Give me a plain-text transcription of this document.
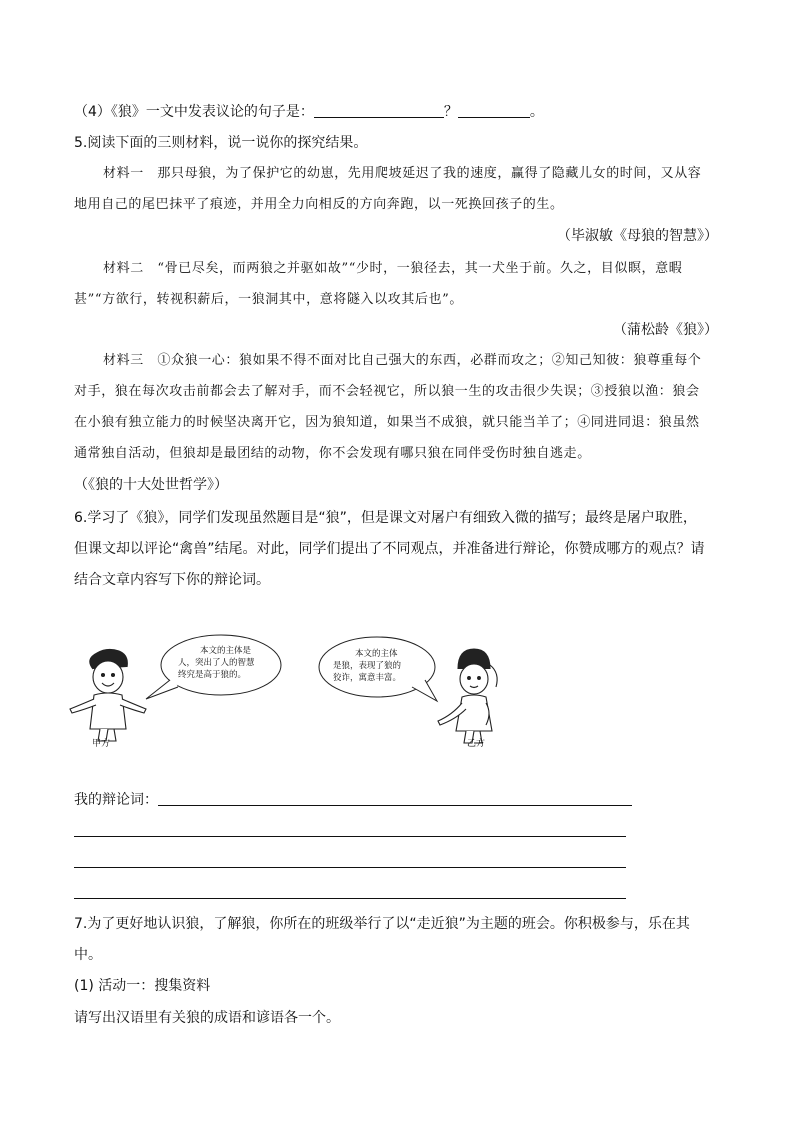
（4）《狼》一文中发表议论的句子是：	？	。
5.阅读下面的三则材料，说一说你的探究结果。
材料一　那只母狼，为了保护它的幼崽，先用爬坡延迟了我的速度，赢得了隐藏儿女的时间，又从容
地用自己的尾巴抹平了痕迹，并用全力向相反的方向奔跑，以一死换回孩子的生。
（毕淑敏《母狼的智慧》）
材料二　“骨已尽矣，而两狼之并驱如故”“少时，一狼径去，其一犬坐于前。久之，目似瞑，意暇
甚”“方欲行，转视积薪后，一狼洞其中，意将隧入以攻其后也”。
（蒲松龄《狼》）
材料三　①众狼一心：狼如果不得不面对比自己强大的东西，必群而攻之；②知己知彼：狼尊重每个
对手，狼在每次攻击前都会去了解对手，而不会轻视它，所以狼一生的攻击很少失误；③授狼以渔：狼会
在小狼有独立能力的时候坚决离开它，因为狼知道，如果当不成狼，就只能当羊了；④同进同退：狼虽然
通常独自活动，但狼却是最团结的动物，你不会发现有哪只狼在同伴受伤时独自逃走。
（《狼的十大处世哲学》）
6.学习了《狼》，同学们发现虽然题目是“狼”，但是课文对屠户有细致入微的描写；最终是屠户取胜，
但课文却以评论“禽兽”结尾。对此，同学们提出了不同观点，并准备进行辩论，你赞成哪方的观点？请
结合文章内容写下你的辩论词。
本文的主体是
人，突出了人的智慧
终究是高于狼的。
本文的主体
是狼，表现了狼的
狡诈，寓意丰富。
甲方	乙方
我的辩论词：
7.为了更好地认识狼，了解狼，你所在的班级举行了以“走近狼”为主题的班会。你积极参与，乐在其
中。
(1) 活动一：搜集资料
请写出汉语里有关狼的成语和谚语各一个。
